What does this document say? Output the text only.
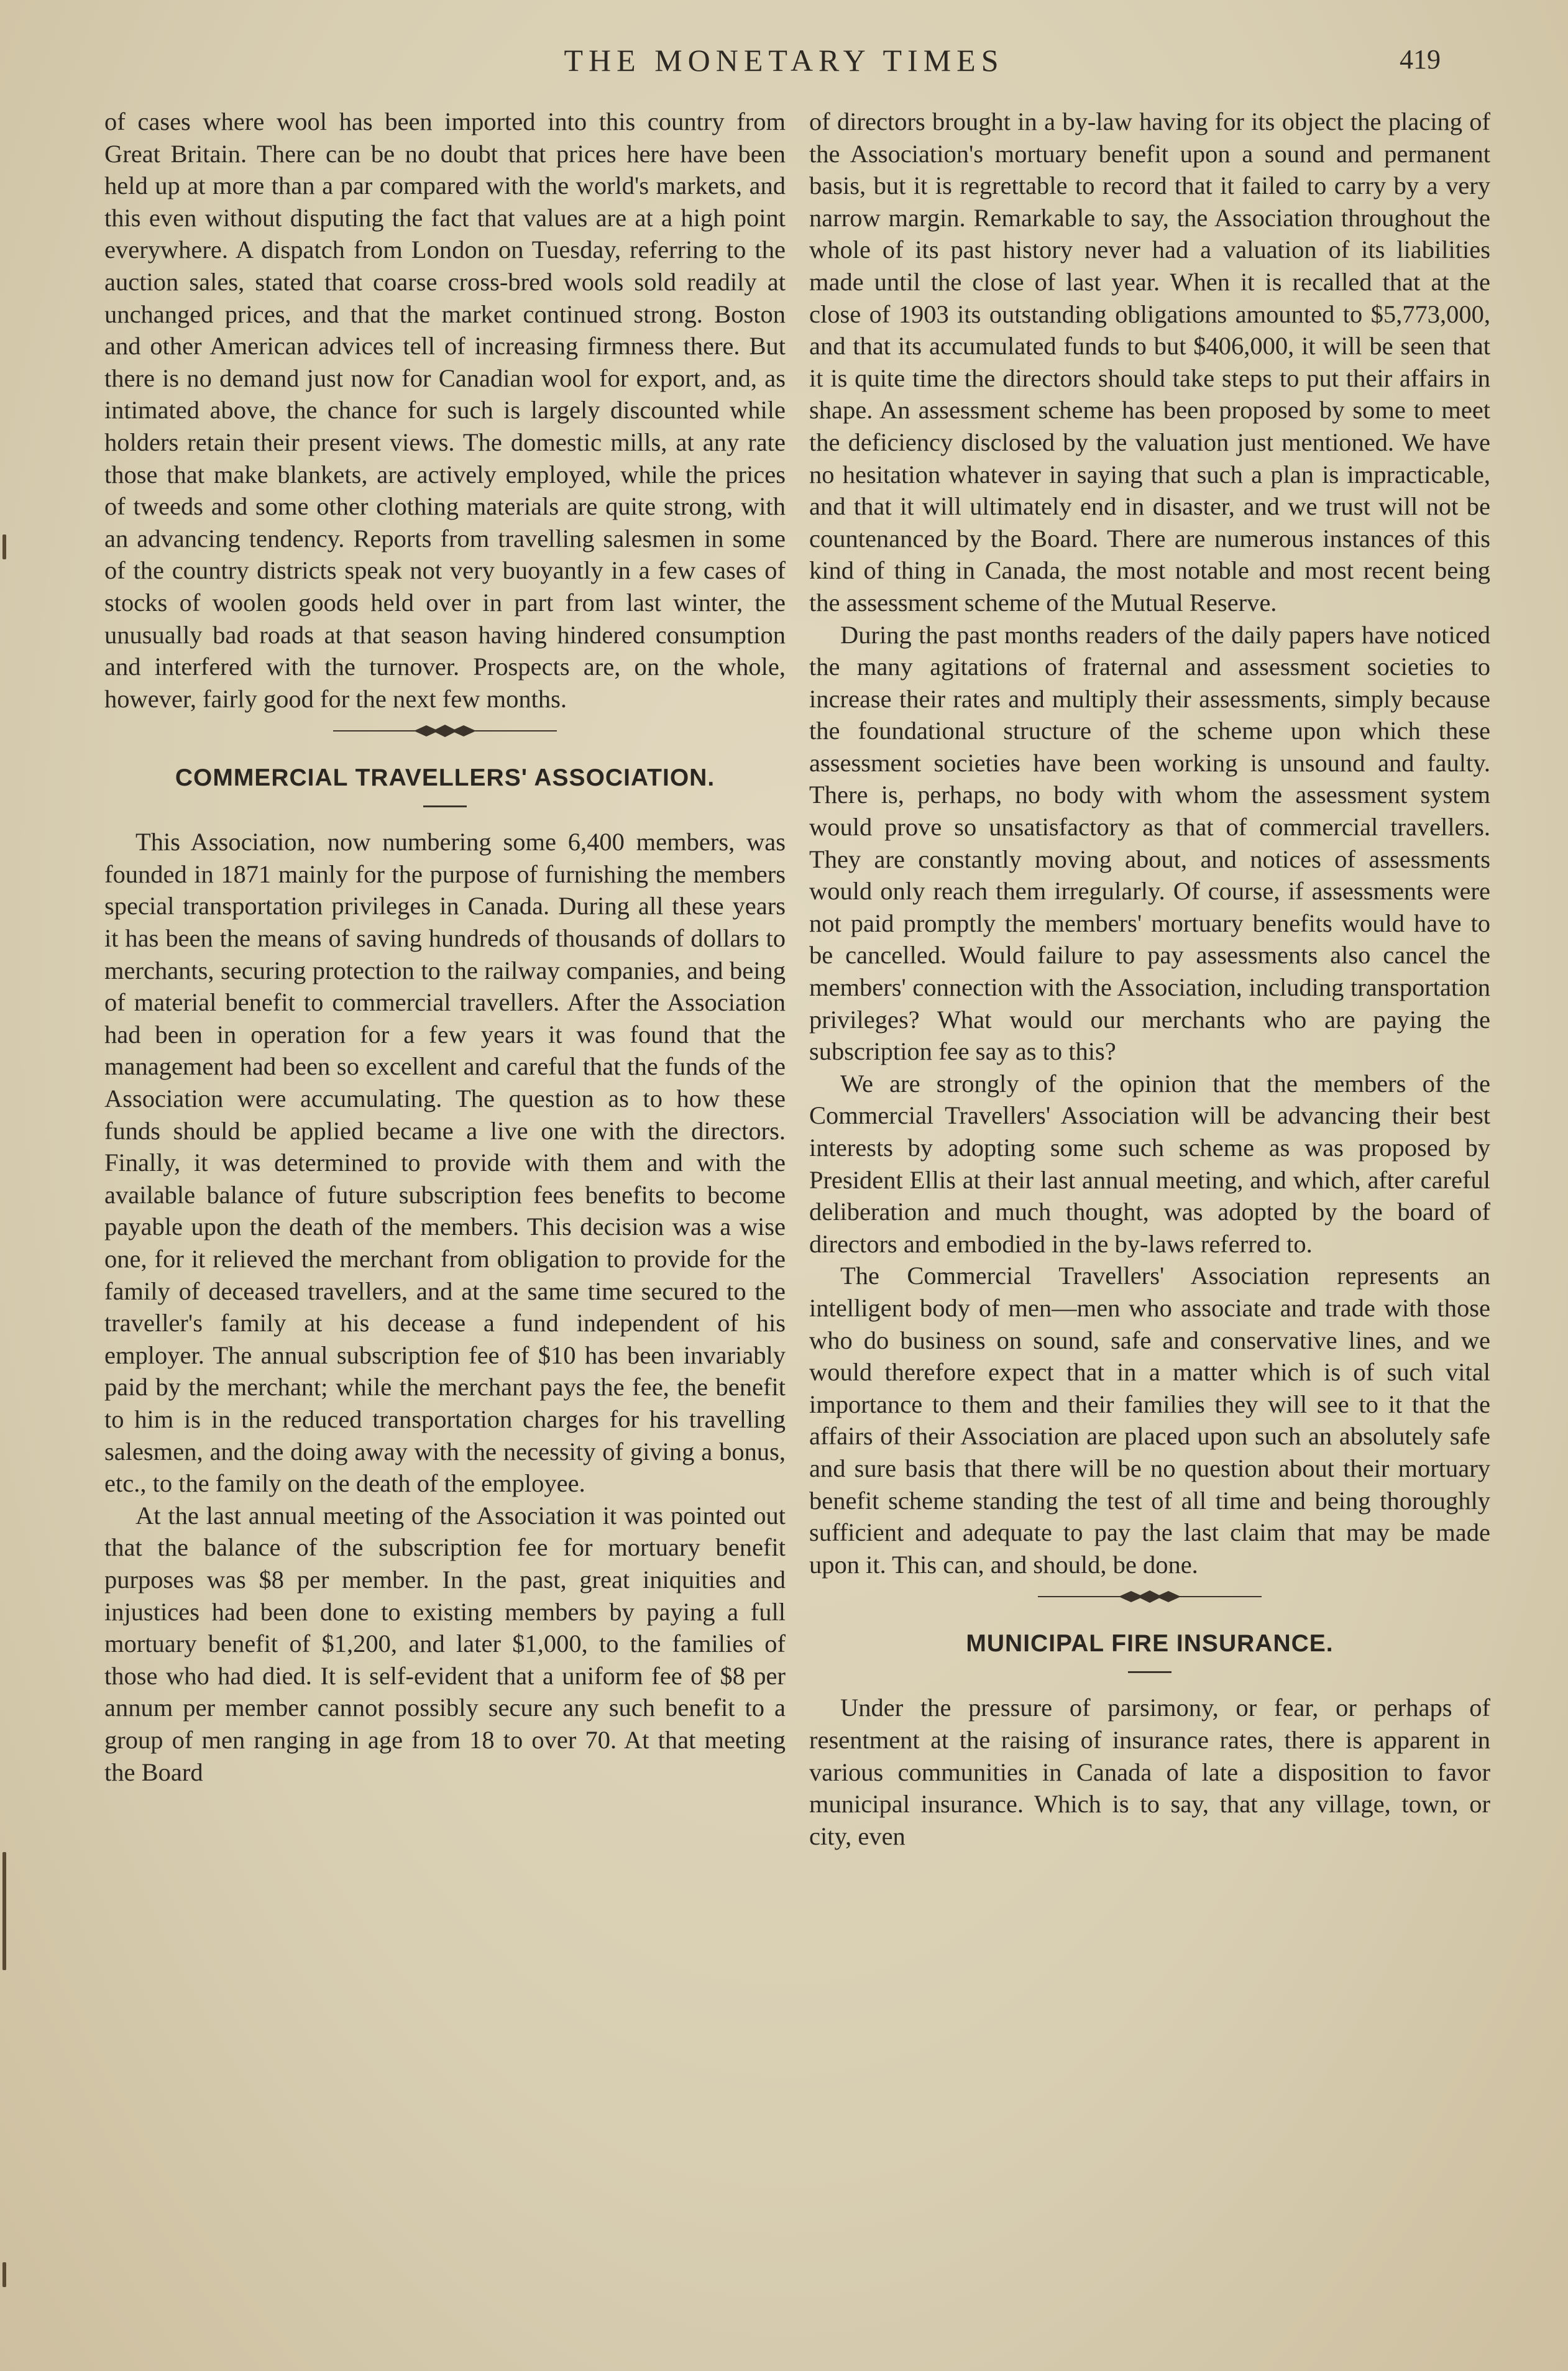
THE MONETARY TIMES	419

of cases where wool has been imported into this country from Great Britain. There can be no doubt that prices here have been held up at more than a par compared with the world's markets, and this even without disputing the fact that values are at a high point everywhere. A dispatch from London on Tuesday, referring to the auction sales, stated that coarse cross-bred wools sold readily at unchanged prices, and that the market continued strong. Boston and other American advices tell of increasing firmness there. But there is no demand just now for Canadian wool for export, and, as intimated above, the chance for such is largely discounted while holders retain their present views. The domestic mills, at any rate those that make blankets, are actively employed, while the prices of tweeds and some other clothing materials are quite strong, with an advancing tendency. Reports from travelling salesmen in some of the country districts speak not very buoyantly in a few cases of stocks of woolen goods held over in part from last winter, the unusually bad roads at that season having hindered consumption and interfered with the turnover. Prospects are, on the whole, however, fairly good for the next few months.

COMMERCIAL TRAVELLERS' ASSOCIATION.

This Association, now numbering some 6,400 members, was founded in 1871 mainly for the purpose of furnishing the members special transportation privileges in Canada. During all these years it has been the means of saving hundreds of thousands of dollars to merchants, securing protection to the railway companies, and being of material benefit to commercial travellers. After the Association had been in operation for a few years it was found that the management had been so excellent and careful that the funds of the Association were accumulating. The question as to how these funds should be applied became a live one with the directors. Finally, it was determined to provide with them and with the available balance of future subscription fees benefits to become payable upon the death of the members. This decision was a wise one, for it relieved the merchant from obligation to provide for the family of deceased travellers, and at the same time secured to the traveller's family at his decease a fund independent of his employer. The annual subscription fee of $10 has been invariably paid by the merchant; while the merchant pays the fee, the benefit to him is in the reduced transportation charges for his travelling salesmen, and the doing away with the necessity of giving a bonus, etc., to the family on the death of the employee.

At the last annual meeting of the Association it was pointed out that the balance of the subscription fee for mortuary benefit purposes was $8 per member. In the past, great iniquities and injustices had been done to existing members by paying a full mortuary benefit of $1,200, and later $1,000, to the families of those who had died. It is self-evident that a uniform fee of $8 per annum per member cannot possibly secure any such benefit to a group of men ranging in age from 18 to over 70. At that meeting the Board

of directors brought in a by-law having for its object the placing of the Association's mortuary benefit upon a sound and permanent basis, but it is regrettable to record that it failed to carry by a very narrow margin. Remarkable to say, the Association throughout the whole of its past history never had a valuation of its liabilities made until the close of last year. When it is recalled that at the close of 1903 its outstanding obligations amounted to $5,773,000, and that its accumulated funds to but $406,000, it will be seen that it is quite time the directors should take steps to put their affairs in shape. An assessment scheme has been proposed by some to meet the deficiency disclosed by the valuation just mentioned. We have no hesitation whatever in saying that such a plan is impracticable, and that it will ultimately end in disaster, and we trust will not be countenanced by the Board. There are numerous instances of this kind of thing in Canada, the most notable and most recent being the assessment scheme of the Mutual Reserve.

During the past months readers of the daily papers have noticed the many agitations of fraternal and assessment societies to increase their rates and multiply their assessments, simply because the foundational structure of the scheme upon which these assessment societies have been working is unsound and faulty. There is, perhaps, no body with whom the assessment system would prove so unsatisfactory as that of commercial travellers. They are constantly moving about, and notices of assessments would only reach them irregularly. Of course, if assessments were not paid promptly the members' mortuary benefits would have to be cancelled. Would failure to pay assessments also cancel the members' connection with the Association, including transportation privileges? What would our merchants who are paying the subscription fee say as to this?

We are strongly of the opinion that the members of the Commercial Travellers' Association will be advancing their best interests by adopting some such scheme as was proposed by President Ellis at their last annual meeting, and which, after careful deliberation and much thought, was adopted by the board of directors and embodied in the by-laws referred to.

The Commercial Travellers' Association represents an intelligent body of men—men who associate and trade with those who do business on sound, safe and conservative lines, and we would therefore expect that in a matter which is of such vital importance to them and their families they will see to it that the affairs of their Association are placed upon such an absolutely safe and sure basis that there will be no question about their mortuary benefit scheme standing the test of all time and being thoroughly sufficient and adequate to pay the last claim that may be made upon it. This can, and should, be done.

MUNICIPAL FIRE INSURANCE.

Under the pressure of parsimony, or fear, or perhaps of resentment at the raising of insurance rates, there is apparent in various communities in Canada of late a disposition to favor municipal insurance. Which is to say, that any village, town, or city, even
